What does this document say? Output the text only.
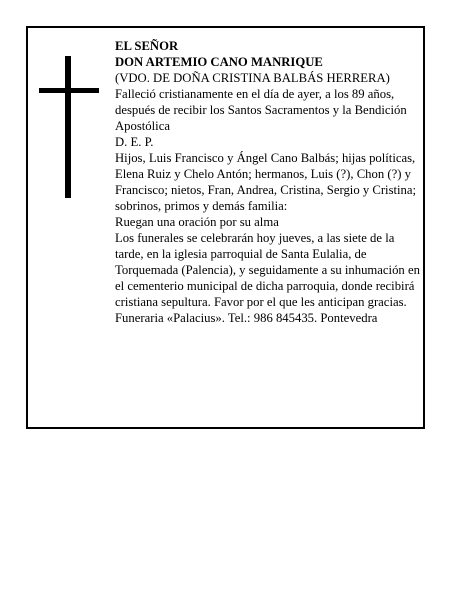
EL SEÑOR

DON ARTEMIO CANO MANRIQUE

(VDO. DE DOÑA CRISTINA BALBÁS HERRERA)

Falleció cristianamente en el día de ayer, a los 89 años, después de recibir los Santos Sacramentos y la Bendición Apostólica

D. E. P.

Hijos, Luis Francisco y Ángel Cano Balbás; hijas políticas, Elena Ruiz y Chelo Antón; hermanos, Luis (?), Chon (?) y Francisco; nietos, Fran, Andrea, Cristina, Sergio y Cristina; sobrinos, primos y demás familia:

Ruegan una oración por su alma

Los funerales se celebrarán hoy jueves, a las siete de la tarde, en la iglesia parroquial de Santa Eulalia, de Torquemada (Palencia), y seguidamente a su inhumación en el cementerio municipal de dicha parroquia, donde recibirá cristiana sepultura. Favor por el que les anticipan gracias.

Funeraria «Palacius». Tel.: 986 845435. Pontevedra
